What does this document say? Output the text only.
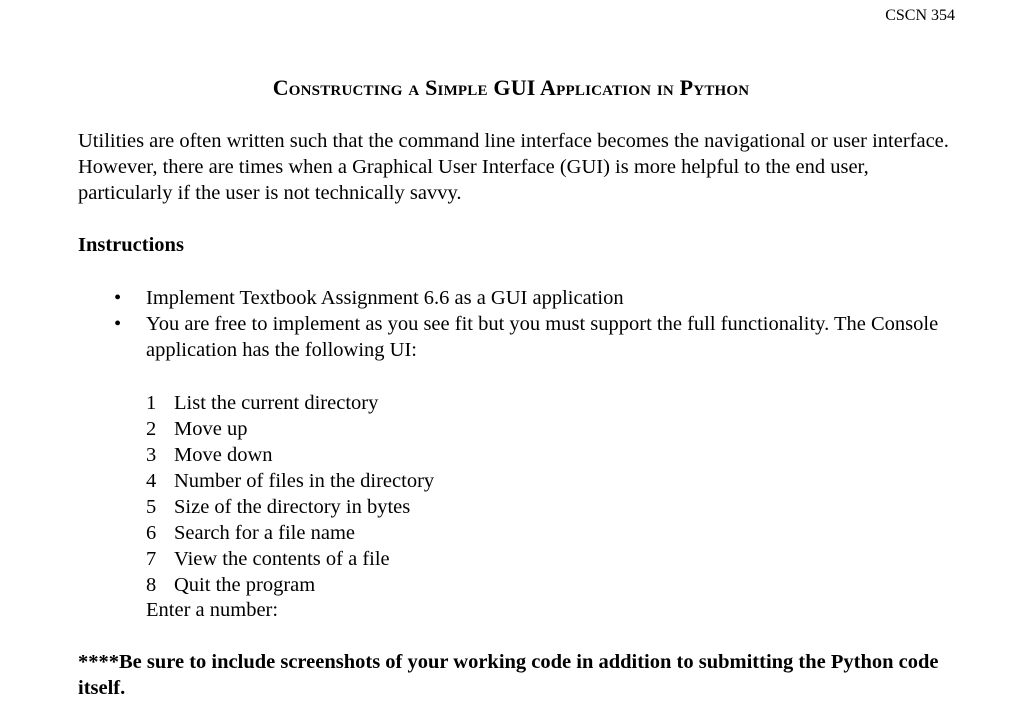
CSCN 354
Constructing a Simple GUI Application in Python

Utilities are often written such that the command line interface becomes the navigational or user interface. However, there are times when a Graphical User Interface (GUI) is more helpful to the end user, particularly if the user is not technically savvy.

Instructions

• Implement Textbook Assignment 6.6 as a GUI application
• You are free to implement as you see fit but you must support the full functionality. The Console application has the following UI:
1 List the current directory
2 Move up
3 Move down
4 Number of files in the directory
5 Size of the directory in bytes
6 Search for a file name
7 View the contents of a file
8 Quit the program

Enter a number:

****Be sure to include screenshots of your working code in addition to submitting the Python code itself.
